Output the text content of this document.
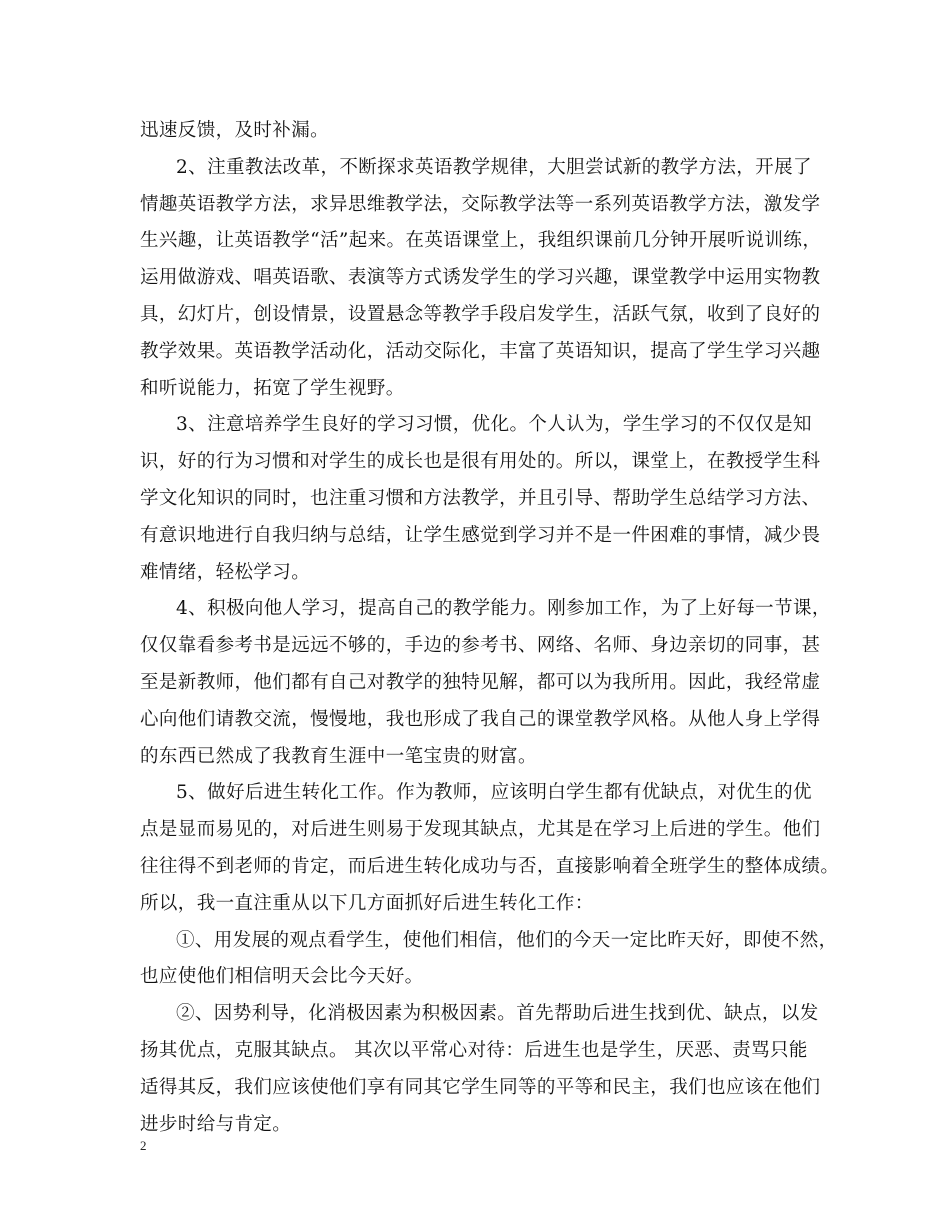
迅速反馈，及时补漏。
2、注重教法改革，不断探求英语教学规律，大胆尝试新的教学方法，开展了
情趣英语教学方法，求异思维教学法，交际教学法等一系列英语教学方法，激发学
生兴趣，让英语教学“活”起来。在英语课堂上，我组织课前几分钟开展听说训练，
运用做游戏、唱英语歌、表演等方式诱发学生的学习兴趣，课堂教学中运用实物教
具，幻灯片，创设情景，设置悬念等教学手段启发学生，活跃气氛，收到了良好的
教学效果。英语教学活动化，活动交际化，丰富了英语知识，提高了学生学习兴趣
和听说能力，拓宽了学生视野。
3、注意培养学生良好的学习习惯，优化。个人认为，学生学习的不仅仅是知
识，好的行为习惯和对学生的成长也是很有用处的。所以，课堂上，在教授学生科
学文化知识的同时，也注重习惯和方法教学，并且引导、帮助学生总结学习方法、
有意识地进行自我归纳与总结，让学生感觉到学习并不是一件困难的事情，减少畏
难情绪，轻松学习。
4、积极向他人学习，提高自己的教学能力。刚参加工作，为了上好每一节课，
仅仅靠看参考书是远远不够的，手边的参考书、网络、名师、身边亲切的同事，甚
至是新教师，他们都有自己对教学的独特见解，都可以为我所用。因此，我经常虚
心向他们请教交流，慢慢地，我也形成了我自己的课堂教学风格。从他人身上学得
的东西已然成了我教育生涯中一笔宝贵的财富。
5、做好后进生转化工作。作为教师，应该明白学生都有优缺点，对优生的优
点是显而易见的，对后进生则易于发现其缺点，尤其是在学习上后进的学生。他们
往往得不到老师的肯定，而后进生转化成功与否，直接影响着全班学生的整体成绩。
所以，我一直注重从以下几方面抓好后进生转化工作：
①、用发展的观点看学生，使他们相信，他们的今天一定比昨天好，即使不然，
也应使他们相信明天会比今天好。
②、因势利导，化消极因素为积极因素。首先帮助后进生找到优、缺点，以发
扬其优点，克服其缺点。 其次以平常心对待：后进生也是学生，厌恶、责骂只能
适得其反，我们应该使他们享有同其它学生同等的平等和民主，我们也应该在他们
进步时给与肯定。
2
